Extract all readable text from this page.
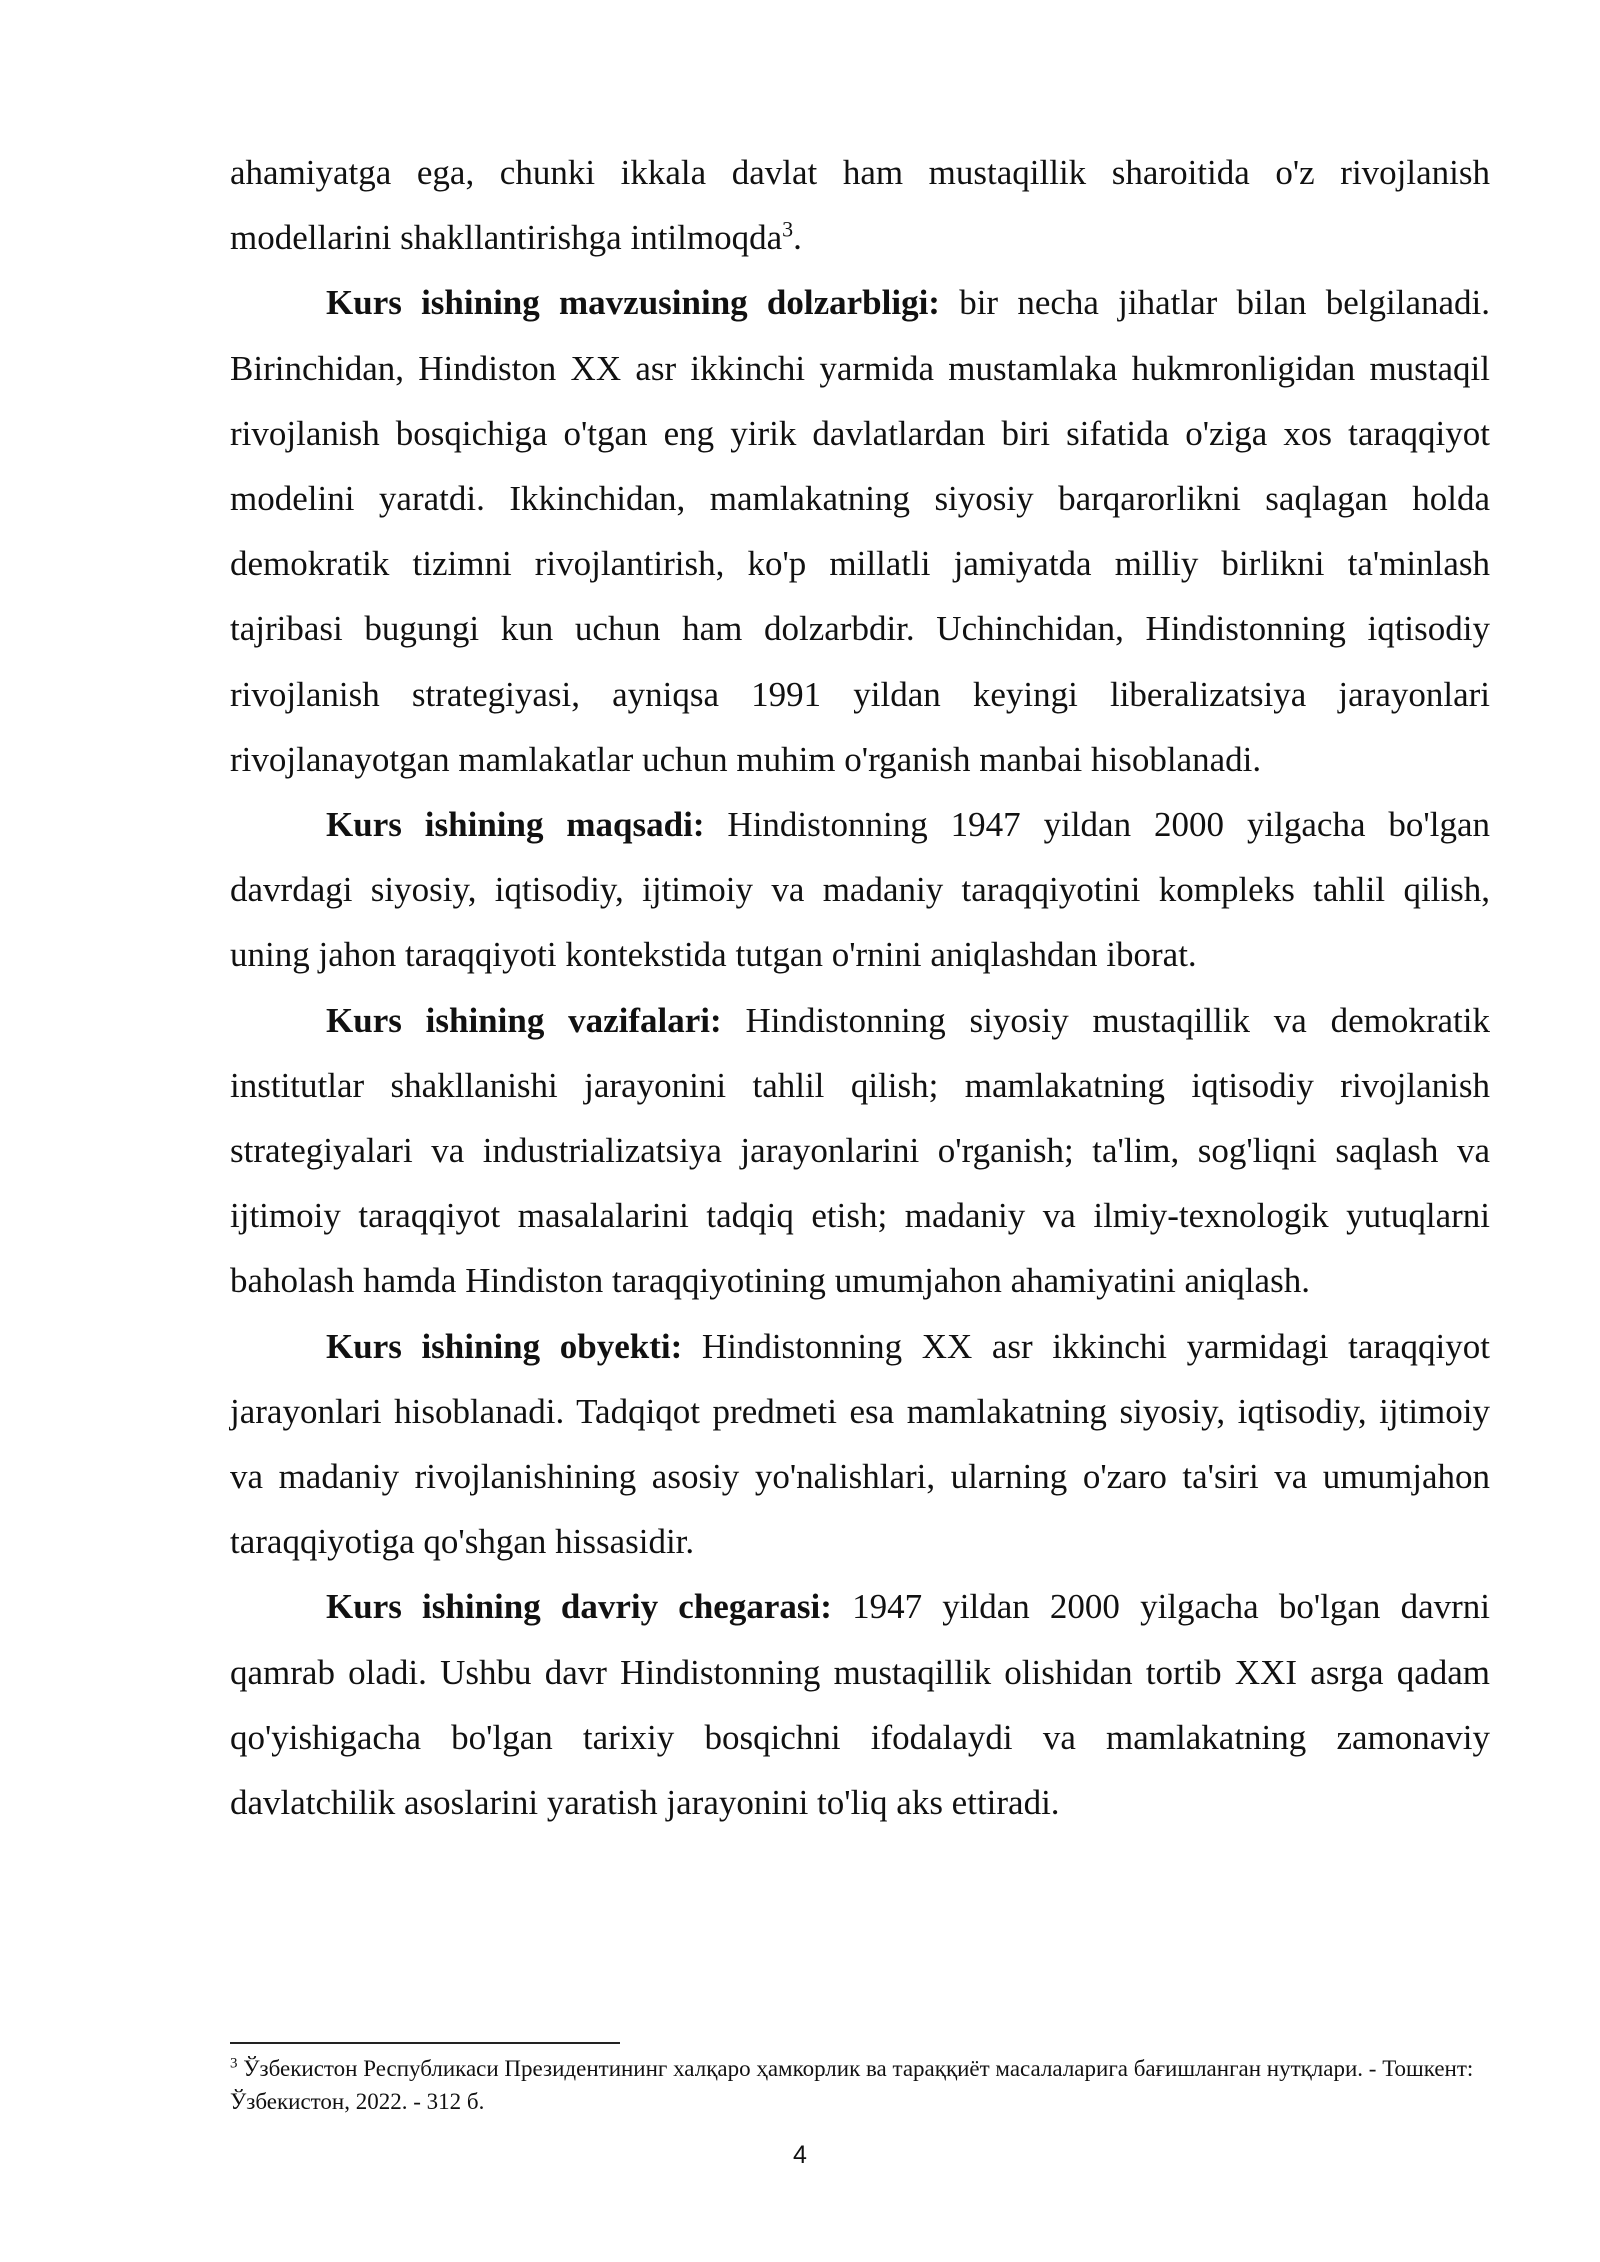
ahamiyatga ega, chunki ikkala davlat ham mustaqillik sharoitida o'z rivojlanish modellarini shakllantirishga intilmoqda$^3$.

Kurs ishining mavzusining dolzarbligi: bir necha jihatlar bilan belgilanadi. Birinchidan, Hindiston XX asr ikkinchi yarmida mustamlaka hukmronligidan mustaqil rivojlanish bosqichiga o'tgan eng yirik davlatlardan biri sifatida o'ziga xos taraqqiyot modelini yaratdi. Ikkinchidan, mamlakatning siyosiy barqarorlikni saqlagan holda demokratik tizimni rivojlantirish, ko'p millatli jamiyatda milliy birlikni ta'minlash tajribasi bugungi kun uchun ham dolzarbdir. Uchinchidan, Hindistonning iqtisodiy rivojlanish strategiyasi, ayniqsa 1991 yildan keyingi liberalizatsiya jarayonlari rivojlanayotgan mamlakatlar uchun muhim o'rganish manbai hisoblanadi.

Kurs ishining maqsadi: Hindistonning 1947 yildan 2000 yilgacha bo'lgan davrdagi siyosiy, iqtisodiy, ijtimoiy va madaniy taraqqiyotini kompleks tahlil qilish, uning jahon taraqqiyoti kontekstida tutgan o'rnini aniqlashdan iborat.

Kurs ishining vazifalari: Hindistonning siyosiy mustaqillik va demokratik institutlar shakllanishi jarayonini tahlil qilish; mamlakatning iqtisodiy rivojlanish strategiyalari va industrializatsiya jarayonlarini o'rganish; ta'lim, sog'liqni saqlash va ijtimoiy taraqqiyot masalalarini tadqiq etish; madaniy va ilmiy-texnologik yutuqlarni baholash hamda Hindiston taraqqiyotining umumjahon ahamiyatini aniqlash.

Kurs ishining obyekti: Hindistonning XX asr ikkinchi yarmidagi taraqqiyot jarayonlari hisoblanadi. Tadqiqot predmeti esa mamlakatning siyosiy, iqtisodiy, ijtimoiy va madaniy rivojlanishining asosiy yo'nalishlari, ularning o'zaro ta'siri va umumjahon taraqqiyotiga qo'shgan hissasidir.

Kurs ishining davriy chegarasi: 1947 yildan 2000 yilgacha bo'lgan davrni qamrab oladi. Ushbu davr Hindistonning mustaqillik olishidan tortib XXI asrga qadam qo'yishigacha bo'lgan tarixiy bosqichni ifodalaydi va mamlakatning zamonaviy davlatchilik asoslarini yaratish jarayonini to'liq aks ettiradi.

$^3$ Ўзбекистон Республикаси Президентининг халқаро ҳамкорлик ва тараққиёт масалаларига бағишланган нутқлари. - Тошкент: Ўзбекистон, 2022. - 312 б.

4
